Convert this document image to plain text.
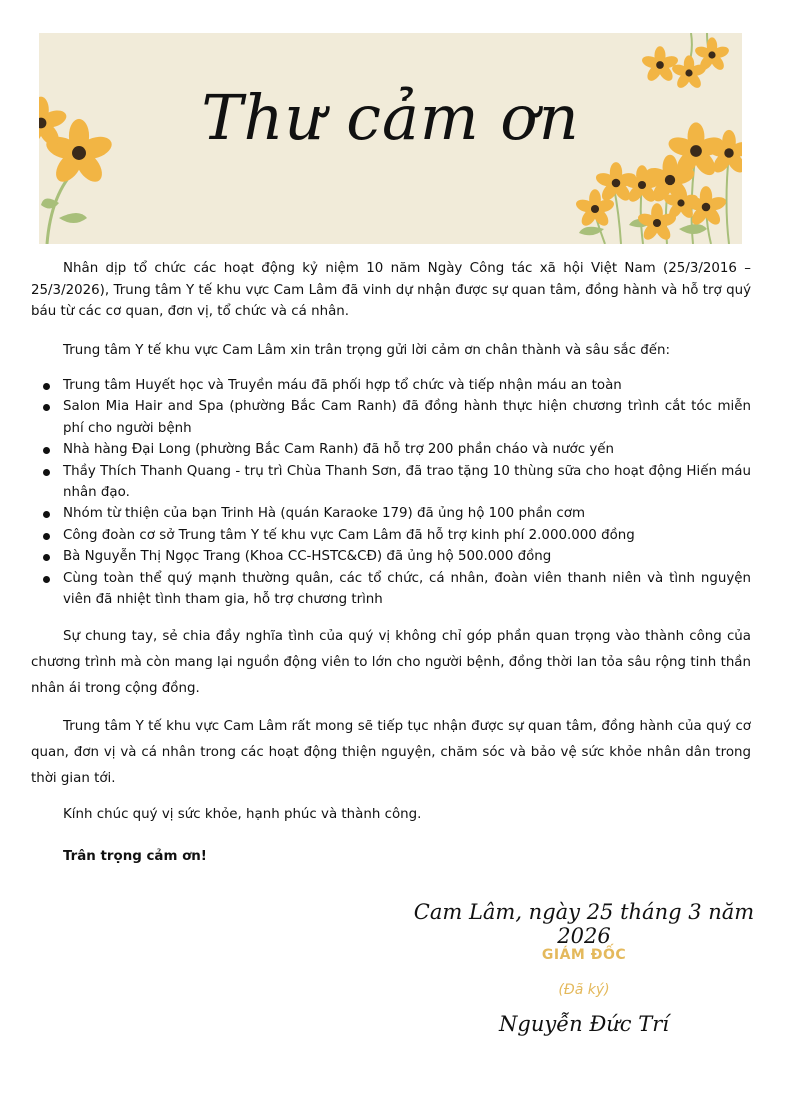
Thư cảm ơn

Nhân dịp tổ chức các hoạt động kỷ niệm 10 năm Ngày Công tác xã hội Việt Nam (25/3/2016 – 25/3/2026), Trung tâm Y tế khu vực Cam Lâm đã vinh dự nhận được sự quan tâm, đồng hành và hỗ trợ quý báu từ các cơ quan, đơn vị, tổ chức và cá nhân.

Trung tâm Y tế khu vực Cam Lâm xin trân trọng gửi lời cảm ơn chân thành và sâu sắc đến:

Trung tâm Huyết học và Truyền máu đã phối hợp tổ chức và tiếp nhận máu an toàn
Salon Mia Hair and Spa (phường Bắc Cam Ranh) đã đồng hành thực hiện chương trình cắt tóc miễn phí cho người bệnh
Nhà hàng Đại Long (phường Bắc Cam Ranh) đã hỗ trợ 200 phần cháo và nước yến
Thầy Thích Thanh Quang - trụ trì Chùa Thanh Sơn, đã trao tặng 10 thùng sữa cho hoạt động Hiến máu nhân đạo.
Nhóm từ thiện của bạn Trinh Hà (quán Karaoke 179) đã ủng hộ 100 phần cơm
Công đoàn cơ sở Trung tâm Y tế khu vực Cam Lâm đã hỗ trợ kinh phí 2.000.000 đồng
Bà Nguyễn Thị Ngọc Trang (Khoa CC-HSTC&CĐ) đã ủng hộ 500.000 đồng
Cùng toàn thể quý mạnh thường quân, các tổ chức, cá nhân, đoàn viên thanh niên và tình nguyện viên đã nhiệt tình tham gia, hỗ trợ chương trình

Sự chung tay, sẻ chia đầy nghĩa tình của quý vị không chỉ góp phần quan trọng vào thành công của chương trình mà còn mang lại nguồn động viên to lớn cho người bệnh, đồng thời lan tỏa sâu rộng tinh thần nhân ái trong cộng đồng.

Trung tâm Y tế khu vực Cam Lâm rất mong sẽ tiếp tục nhận được sự quan tâm, đồng hành của quý cơ quan, đơn vị và cá nhân trong các hoạt động thiện nguyện, chăm sóc và bảo vệ sức khỏe nhân dân trong thời gian tới.

Kính chúc quý vị sức khỏe, hạnh phúc và thành công.

Trân trọng cảm ơn!

Cam Lâm, ngày 25 tháng 3 năm 2026
GIÁM ĐỐC
(Đã ký)
Nguyễn Đức Trí
